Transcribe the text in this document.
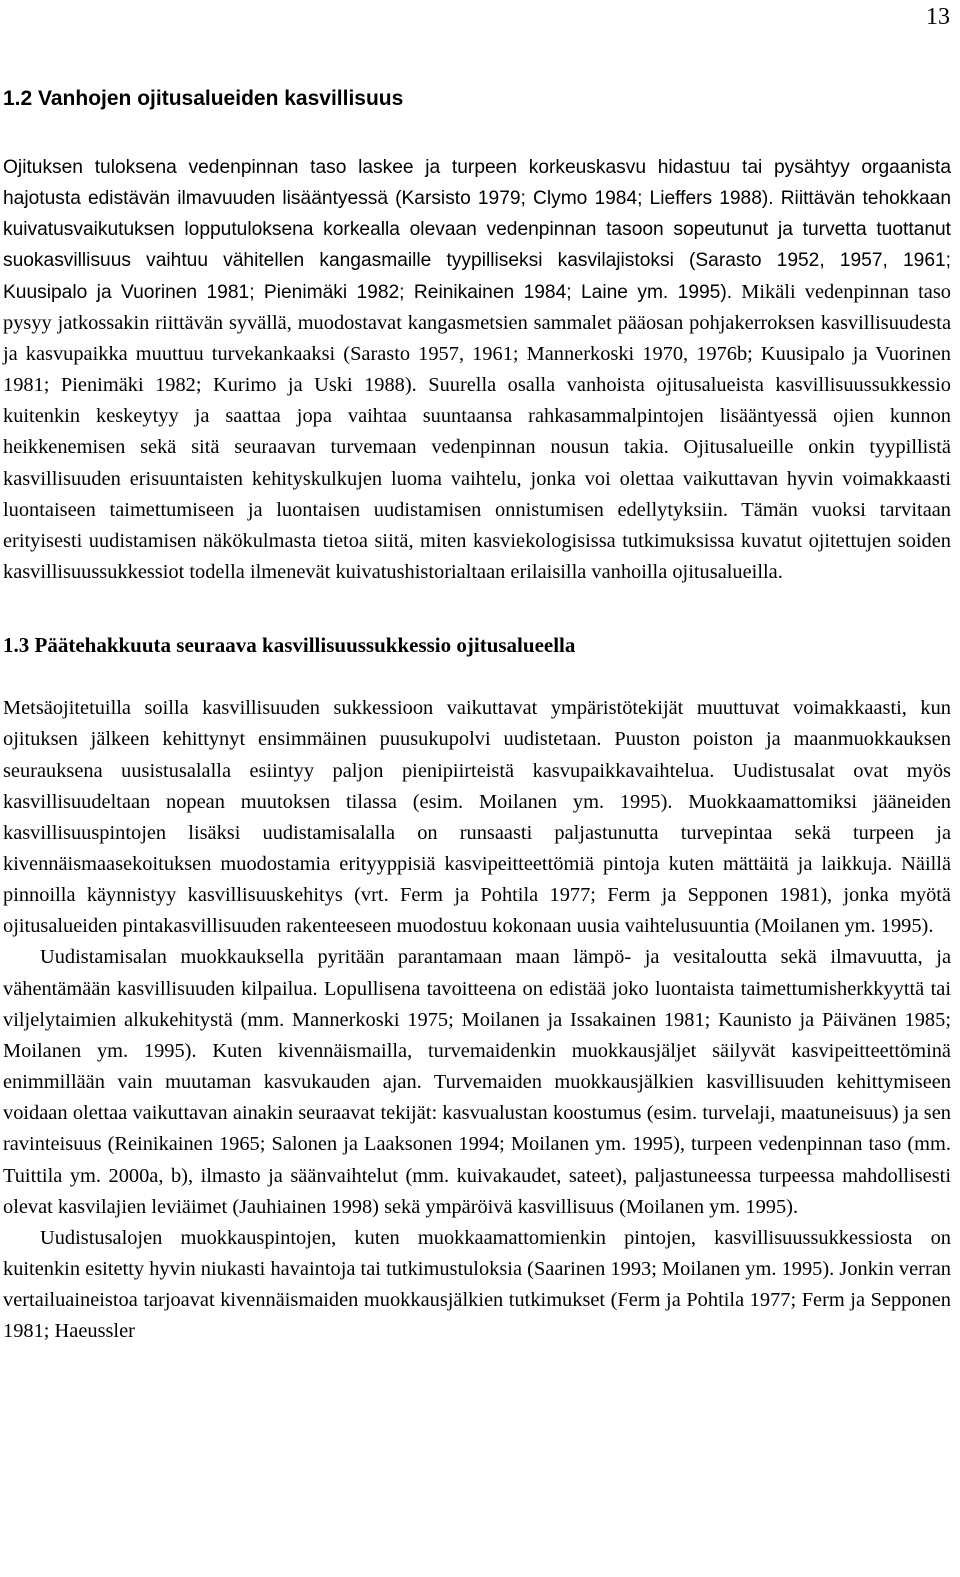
13
1.2 Vanhojen ojitusalueiden kasvillisuus

Ojituksen tuloksena vedenpinnan taso laskee ja turpeen korkeuskasvu hidastuu tai pysähtyy orgaanista hajotusta edistävän ilmavuuden lisääntyessä (Karsisto 1979; Clymo 1984; Lieffers 1988). Riittävän tehokkaan kuivatusvaikutuksen lopputuloksena korkealla olevaan vedenpinnan tasoon sopeutunut ja turvetta tuottanut suokasvillisuus vaihtuu vähitellen kangasmaille tyypilliseksi kasvilajistoksi (Sarasto 1952, 1957, 1961; Kuusipalo ja Vuorinen 1981; Pienimäki 1982; Reinikainen 1984; Laine ym. 1995). Mikäli vedenpinnan taso pysyy jatkossakin riittävän syvällä, muodostavat kangasmetsien sammalet pääosan pohjakerroksen kasvillisuudesta ja kasvupaikka muuttuu turvekankaaksi (Sarasto 1957, 1961; Mannerkoski 1970, 1976b; Kuusipalo ja Vuorinen 1981; Pienimäki 1982; Kurimo ja Uski 1988). Suurella osalla vanhoista ojitusalueista kasvillisuussukkessio kuitenkin keskeytyy ja saattaa jopa vaihtaa suuntaansa rahkasammalpintojen lisääntyessä ojien kunnon heikkenemisen sekä sitä seuraavan turvemaan vedenpinnan nousun takia. Ojitusalueille onkin tyypillistä kasvillisuuden erisuuntaisten kehityskulkujen luoma vaihtelu, jonka voi olettaa vaikuttavan hyvin voimakkaasti luontaiseen taimettumiseen ja luontaisen uudistamisen onnistumisen edellytyksiin. Tämän vuoksi tarvitaan erityisesti uudistamisen näkökulmasta tietoa siitä, miten kasviekologisissa tutkimuksissa kuvatut ojitettujen soiden kasvillisuussukkessiot todella ilmenevät kuivatushistorialtaan erilaisilla vanhoilla ojitusalueilla.

1.3 Päätehakkuuta seuraava kasvillisuussukkessio ojitusalueella

Metsäojitetuilla soilla kasvillisuuden sukkessioon vaikuttavat ympäristötekijät muuttuvat voimakkaasti, kun ojituksen jälkeen kehittynyt ensimmäinen puusukupolvi uudistetaan. Puuston poiston ja maanmuokkauksen seurauksena uusistusalalla esiintyy paljon pienipiirteistä kasvupaikkavaihtelua. Uudistusalat ovat myös kasvillisuudeltaan nopean muutoksen tilassa (esim. Moilanen ym. 1995). Muokkaamattomiksi jääneiden kasvillisuuspintojen lisäksi uudistamisalalla on runsaasti paljastunutta turvepintaa sekä turpeen ja kivennäismaasekoituksen muodostamia erityyppisiä kasvipeitteettömiä pintoja kuten mättäitä ja laikkuja. Näillä pinnoilla käynnistyy kasvillisuuskehitys (vrt. Ferm ja Pohtila 1977; Ferm ja Sepponen 1981), jonka myötä ojitusalueiden pintakasvillisuuden rakenteeseen muodostuu kokonaan uusia vaihtelusuuntia (Moilanen ym. 1995).

Uudistamisalan muokkauksella pyritään parantamaan maan lämpö- ja vesitaloutta sekä ilmavuutta, ja vähentämään kasvillisuuden kilpailua. Lopullisena tavoitteena on edistää joko luontaista taimettumisherkkyyttä tai viljelytaimien alkukehitystä (mm. Mannerkoski 1975; Moilanen ja Issakainen 1981; Kaunisto ja Päivänen 1985; Moilanen ym. 1995). Kuten kivennäismailla, turvemaidenkin muokkausjäljet säilyvät kasvipeitteettöminä enimmillään vain muutaman kasvukauden ajan. Turvemaiden muokkausjälkien kasvillisuuden kehittymiseen voidaan olettaa vaikuttavan ainakin seuraavat tekijät: kasvualustan koostumus (esim. turvelaji, maatuneisuus) ja sen ravinteisuus (Reinikainen 1965; Salonen ja Laaksonen 1994; Moilanen ym. 1995), turpeen vedenpinnan taso (mm. Tuittila ym. 2000a, b), ilmasto ja säänvaihtelut (mm. kuivakaudet, sateet), paljastuneessa turpeessa mahdollisesti olevat kasvilajien leviäimet (Jauhiainen 1998) sekä ympäröivä kasvillisuus (Moilanen ym. 1995).

Uudistusalojen muokkauspintojen, kuten muokkaamattomienkin pintojen, kasvillisuussukkessiosta on kuitenkin esitetty hyvin niukasti havaintoja tai tutkimustuloksia (Saarinen 1993; Moilanen ym. 1995). Jonkin verran vertailuaineistoa tarjoavat kivennäismaiden muokkausjälkien tutkimukset (Ferm ja Pohtila 1977; Ferm ja Sepponen 1981; Haeussler
